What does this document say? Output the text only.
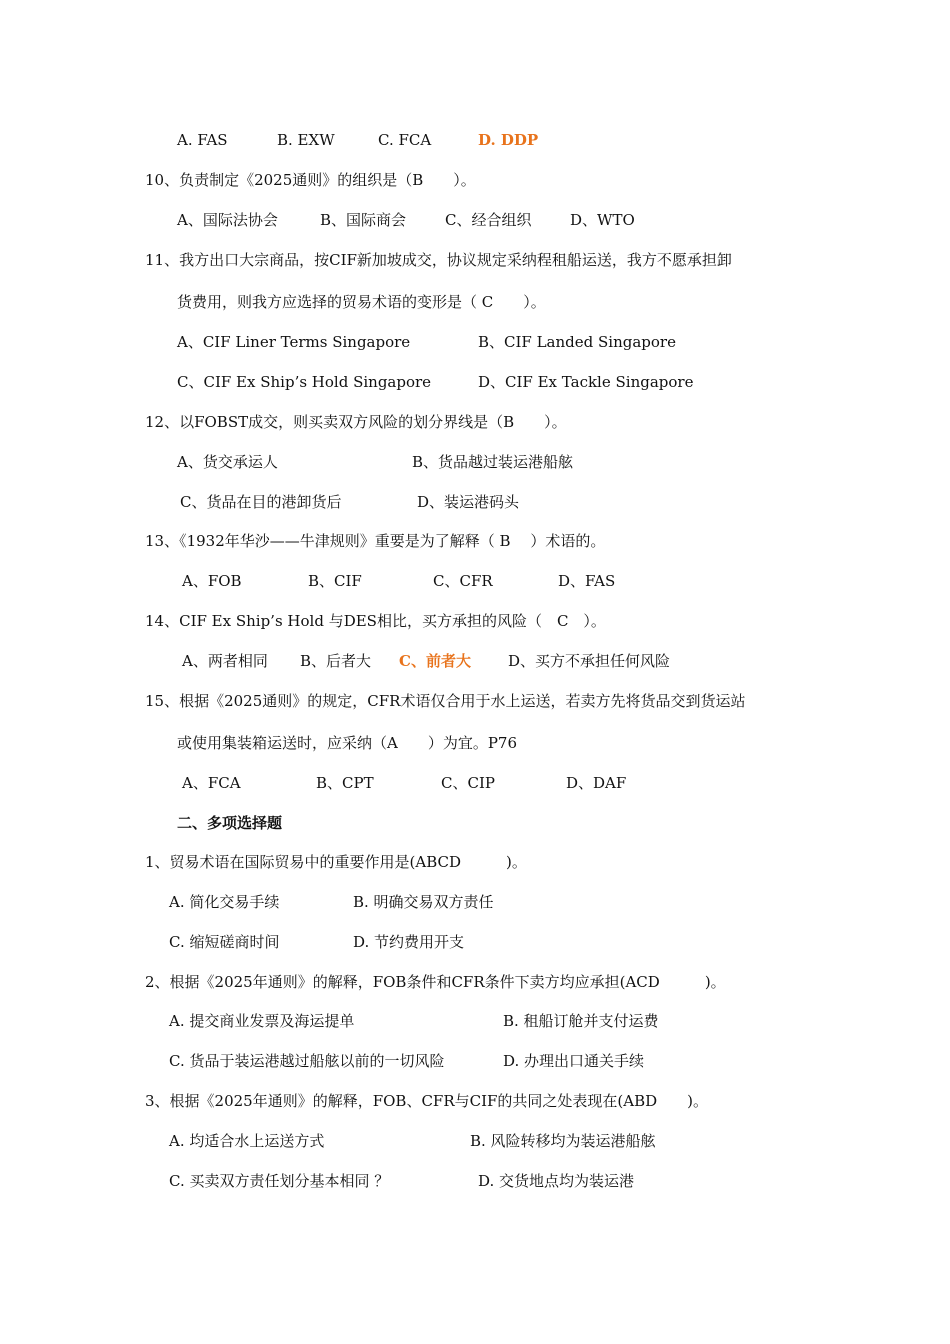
A. FAS	B. EXW	C. FCA	D. DDP
10、负责制定《2025通则》的组织是（B　　）。
A、国际法协会	B、国际商会	C、经合组织	D、WTO
11、我方出口大宗商品，按CIF新加坡成交，协议规定采纳程租船运送，我方不愿承担卸
货费用，则我方应选择的贸易术语的变形是（ C　　）。
A、CIF Liner Terms Singapore	B、CIF Landed Singapore
C、CIF Ex Ship’s Hold Singapore	D、CIF Ex Tackle Singapore
12、以FOBST成交，则买卖双方风险的划分界线是（B　　）。
A、货交承运人	B、货品越过装运港船舷
C、货品在目的港卸货后	D、装运港码头
13、《1932年华沙——牛津规则》重要是为了解释（ B　 ）术语的。
A、FOB	B、CIF	C、CFR	D、FAS
14、CIF Ex Ship’s Hold 与DES相比，买方承担的风险（　C　）。
A、两者相同 B、后者大 C、前者大 D、买方不承担任何风险
15、根据《2025通则》的规定，CFR术语仅合用于水上运送，若卖方先将货品交到货运站
或使用集装箱运送时，应采纳（A　　）为宜。P76
A、FCA	B、CPT	C、CIP	D、DAF
二、多项选择题
1、贸易术语在国际贸易中的重要作用是(ABCD　　　)。
A. 简化交易手续	B. 明确交易双方责任
C. 缩短磋商时间	D. 节约费用开支
2、根据《2025年通则》的解释，FOB条件和CFR条件下卖方均应承担(ACD　　　)。
A. 提交商业发票及海运提单	B. 租船订舱并支付运费
C. 货品于装运港越过船舷以前的一切风险	D. 办理出口通关手续
3、根据《2025年通则》的解释，FOB、CFR与CIF的共同之处表现在(ABD　　)。
A. 均适合水上运送方式	B. 风险转移均为装运港船舷
C. 买卖双方责任划分基本相同 ？	D. 交货地点均为装运港
